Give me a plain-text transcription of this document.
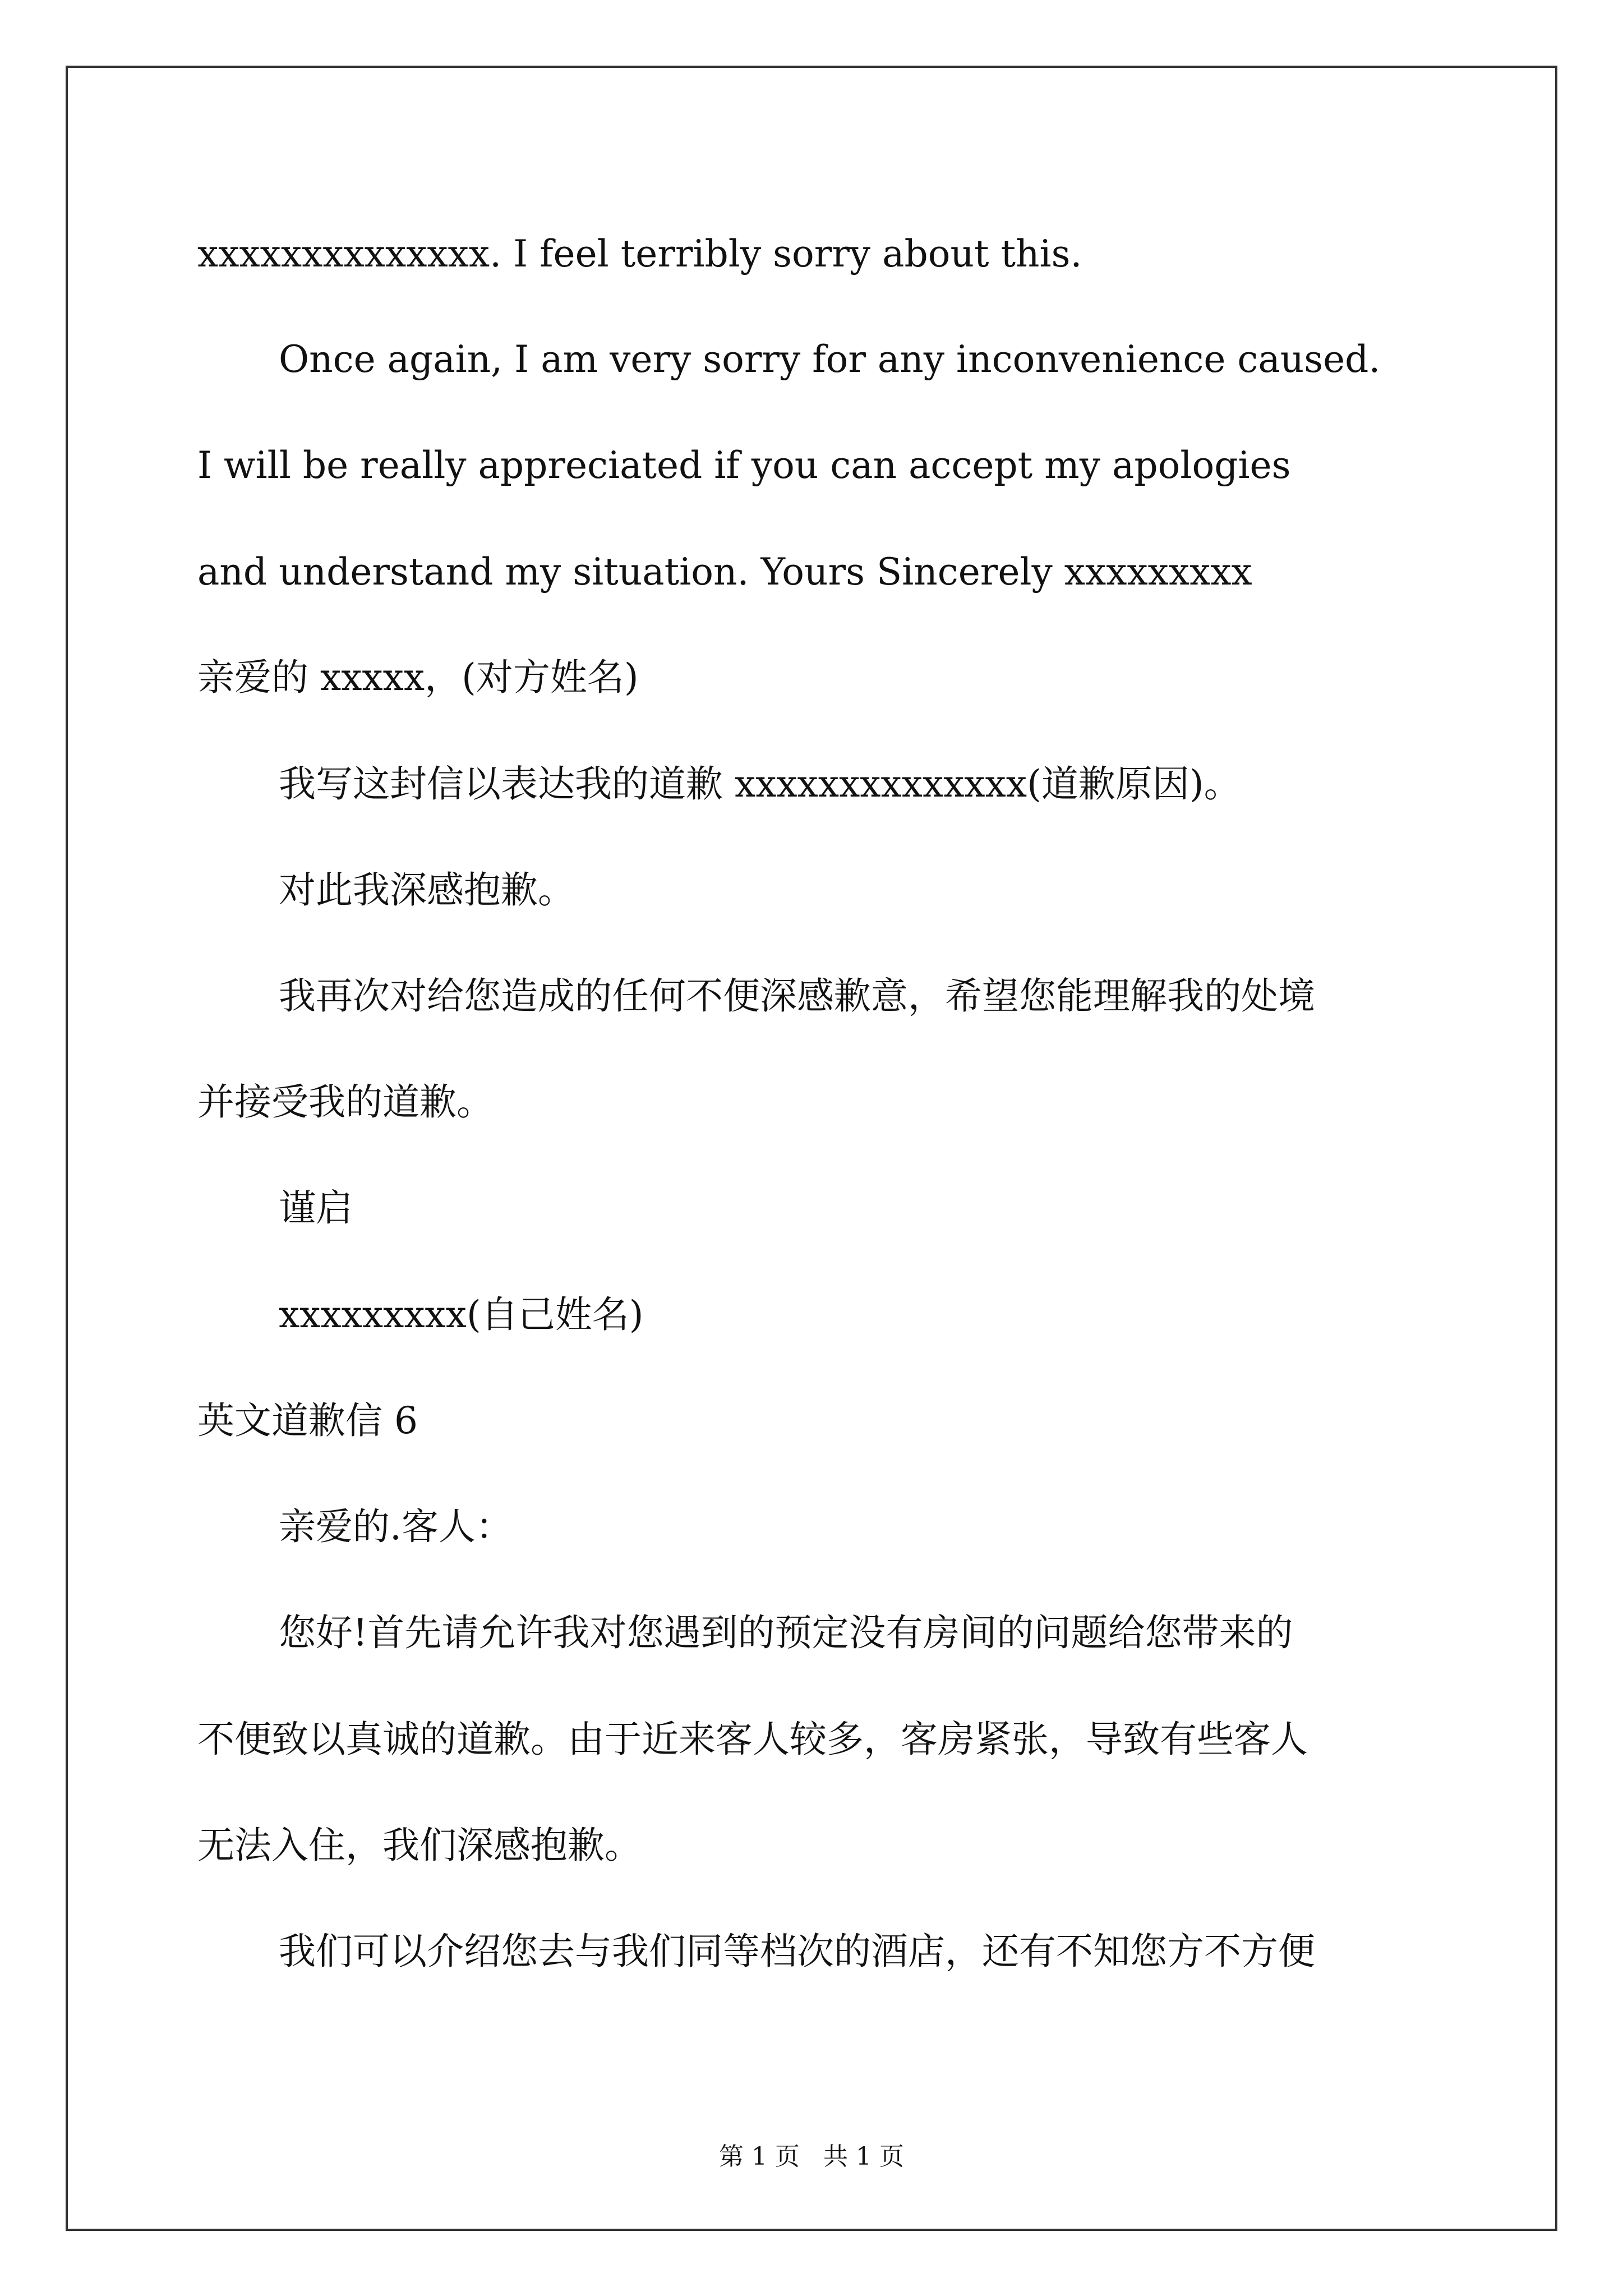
xxxxxxxxxxxxxx. I feel terribly sorry about this.
Once again, I am very sorry for any inconvenience caused.
I will be really appreciated if you can accept my apologies
and understand my situation. Yours Sincerely xxxxxxxxx
亲爱的 xxxxx，(对方姓名)
我写这封信以表达我的道歉 xxxxxxxxxxxxxx(道歉原因)。
对此我深感抱歉。
我再次对给您造成的任何不便深感歉意，希望您能理解我的处境
并接受我的道歉。
谨启
xxxxxxxxx(自己姓名)
英文道歉信 6
亲爱的.客人：
您好!首先请允许我对您遇到的预定没有房间的问题给您带来的
不便致以真诚的道歉。由于近来客人较多，客房紧张，导致有些客人
无法入住，我们深感抱歉。
我们可以介绍您去与我们同等档次的酒店，还有不知您方不方便
第 1 页   共 1 页
